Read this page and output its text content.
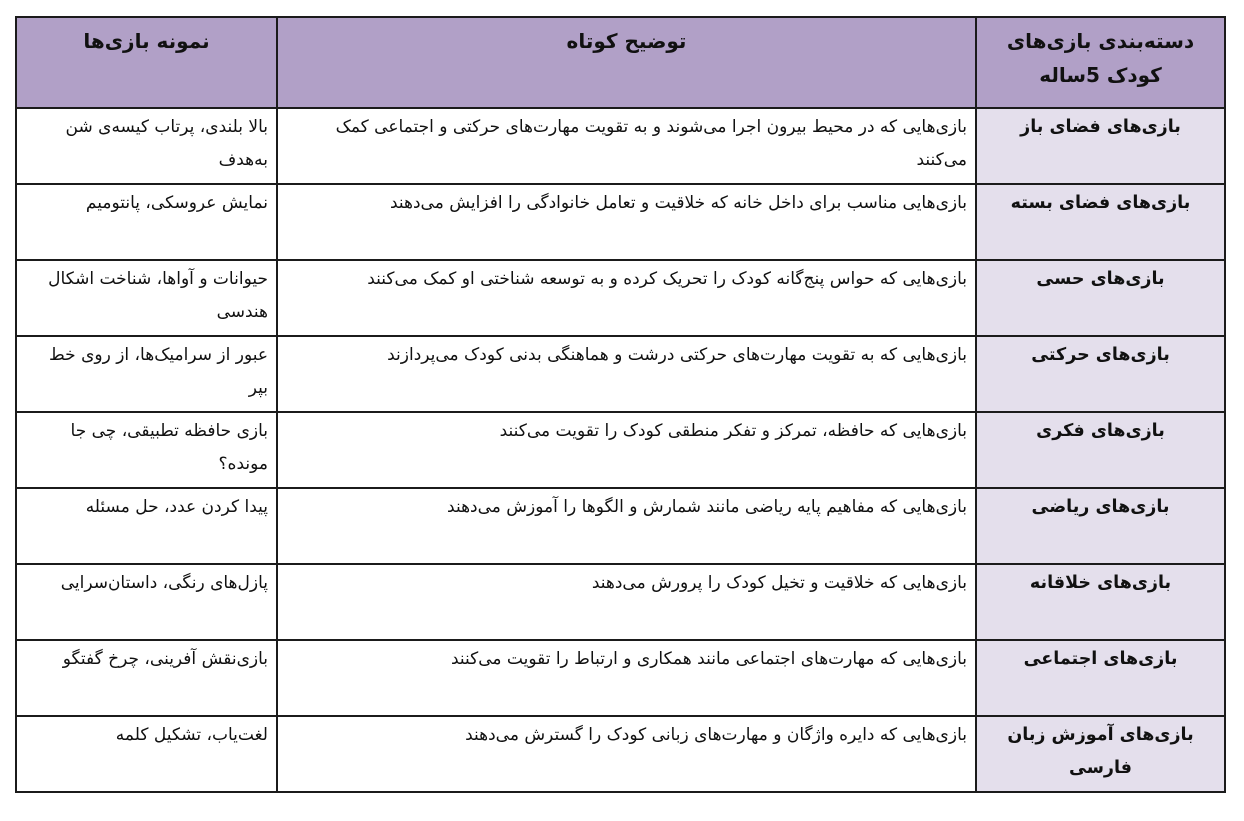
دسته‌بندی بازی‌های کودک 5ساله	توضیح کوتاه	نمونه بازی‌ها
بازی‌های فضای باز	بازی‌هایی که در محیط بیرون اجرا می‌شوند و به تقویت مهارت‌های حرکتی و اجتماعی کمک می‌کنند	بالا بلندی، پرتاب کیسه‌ی شن به‌هدف
بازی‌های فضای بسته	بازی‌هایی مناسب برای داخل خانه که خلاقیت و تعامل خانوادگی را افزایش می‌دهند	نمایش عروسکی، پانتومیم
بازی‌های حسی	بازی‌هایی که حواس پنج‌گانه کودک را تحریک کرده و به توسعه شناختی او کمک می‌کنند	حیوانات و آواها، شناخت اشکال هندسی
بازی‌های حرکتی	بازی‌هایی که به تقویت مهارت‌های حرکتی درشت و هماهنگی بدنی کودک می‌پردازند	عبور از سرامیک‌ها، از روی خط بپر
بازی‌های فکری	بازی‌هایی که حافظه، تمرکز و تفکر منطقی کودک را تقویت می‌کنند	بازی حافظه تطبیقی، چی جا مونده؟
بازی‌های ریاضی	بازی‌هایی که مفاهیم پایه ریاضی مانند شمارش و الگوها را آموزش می‌دهند	پیدا کردن عدد، حل مسئله
بازی‌های خلاقانه	بازی‌هایی که خلاقیت و تخیل کودک را پرورش می‌دهند	پازل‌های رنگی، داستان‌سرایی
بازی‌های اجتماعی	بازی‌هایی که مهارت‌های اجتماعی مانند همکاری و ارتباط را تقویت می‌کنند	بازی‌نقش آفرینی، چرخ گفتگو
بازی‌های آموزش زبان فارسی	بازی‌هایی که دایره واژگان و مهارت‌های زبانی کودک را گسترش می‌دهند	لغت‌یاب، تشکیل کلمه
